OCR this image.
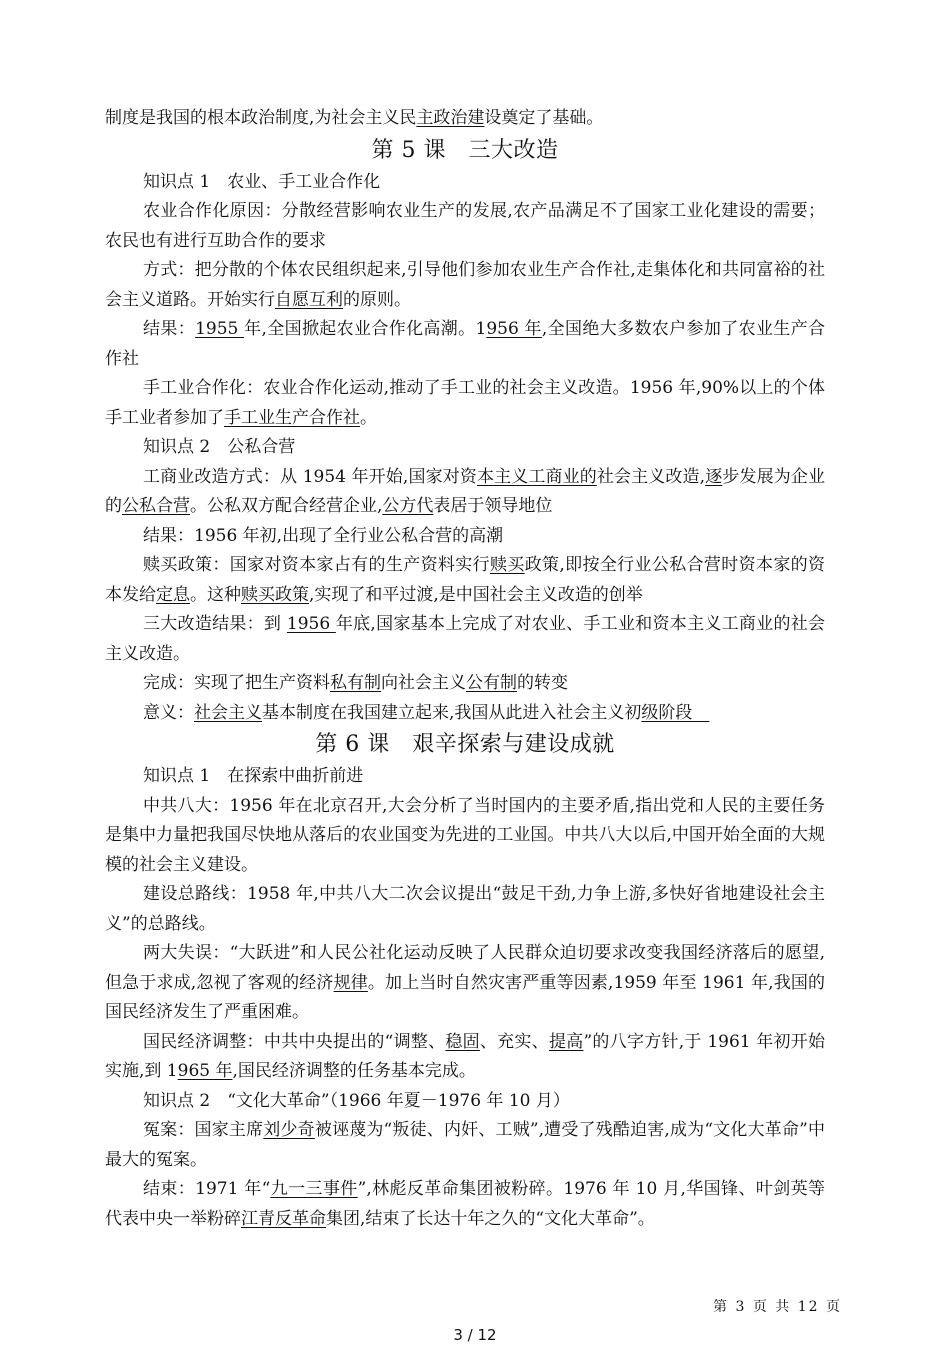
制度是我国的根本政治制度,为社会主义民主政治建设奠定了基础。

第 5 课　三大改造

知识点 1　农业、手工业合作化

农业合作化原因：分散经营影响农业生产的发展,农产品满足不了国家工业化建设的需要；农民也有进行互助合作的要求

方式：把分散的个体农民组织起来,引导他们参加农业生产合作社,走集体化和共同富裕的社会主义道路。开始实行自愿互利的原则。

结果：1955 年,全国掀起农业合作化高潮。1956 年,全国绝大多数农户参加了农业生产合作社

手工业合作化：农业合作化运动,推动了手工业的社会主义改造。1956 年,90%以上的个体手工业者参加了手工业生产合作社。

知识点 2　公私合营

工商业改造方式：从 1954 年开始,国家对资本主义工商业的社会主义改造,逐步发展为企业的公私合营。公私双方配合经营企业,公方代表居于领导地位

结果：1956 年初,出现了全行业公私合营的高潮

赎买政策：国家对资本家占有的生产资料实行赎买政策,即按全行业公私合营时资本家的资本发给定息。这种赎买政策,实现了和平过渡,是中国社会主义改造的创举

三大改造结果：到 1956 年底,国家基本上完成了对农业、手工业和资本主义工商业的社会主义改造。

完成：实现了把生产资料私有制向社会主义公有制的转变

意义：社会主义基本制度在我国建立起来,我国从此进入社会主义初级阶段　

第 6 课　艰辛探索与建设成就

知识点 1　在探索中曲折前进

中共八大：1956 年在北京召开,大会分析了当时国内的主要矛盾,指出党和人民的主要任务是集中力量把我国尽快地从落后的农业国变为先进的工业国。中共八大以后,中国开始全面的大规模的社会主义建设。

建设总路线：1958 年,中共八大二次会议提出“鼓足干劲,力争上游,多快好省地建设社会主义”的总路线。

两大失误：“大跃进”和人民公社化运动反映了人民群众迫切要求改变我国经济落后的愿望,但急于求成,忽视了客观的经济规律。加上当时自然灾害严重等因素,1959 年至 1961 年,我国的国民经济发生了严重困难。

国民经济调整：中共中央提出的“调整、稳固、充实、提高”的八字方针,于 1961 年初开始实施,到 1965 年,国民经济调整的任务基本完成。

知识点 2　“文化大革命”（1966 年夏－1976 年 10 月）

冤案：国家主席刘少奇被诬蔑为“叛徒、内奸、工贼”,遭受了残酷迫害,成为“文化大革命”中最大的冤案。

结束：1971 年“九一三事件”,林彪反革命集团被粉碎。1976 年 10 月,华国锋、叶剑英等代表中央一举粉碎江青反革命集团,结束了长达十年之久的“文化大革命”。

第 3 页 共 12 页
3 / 12
